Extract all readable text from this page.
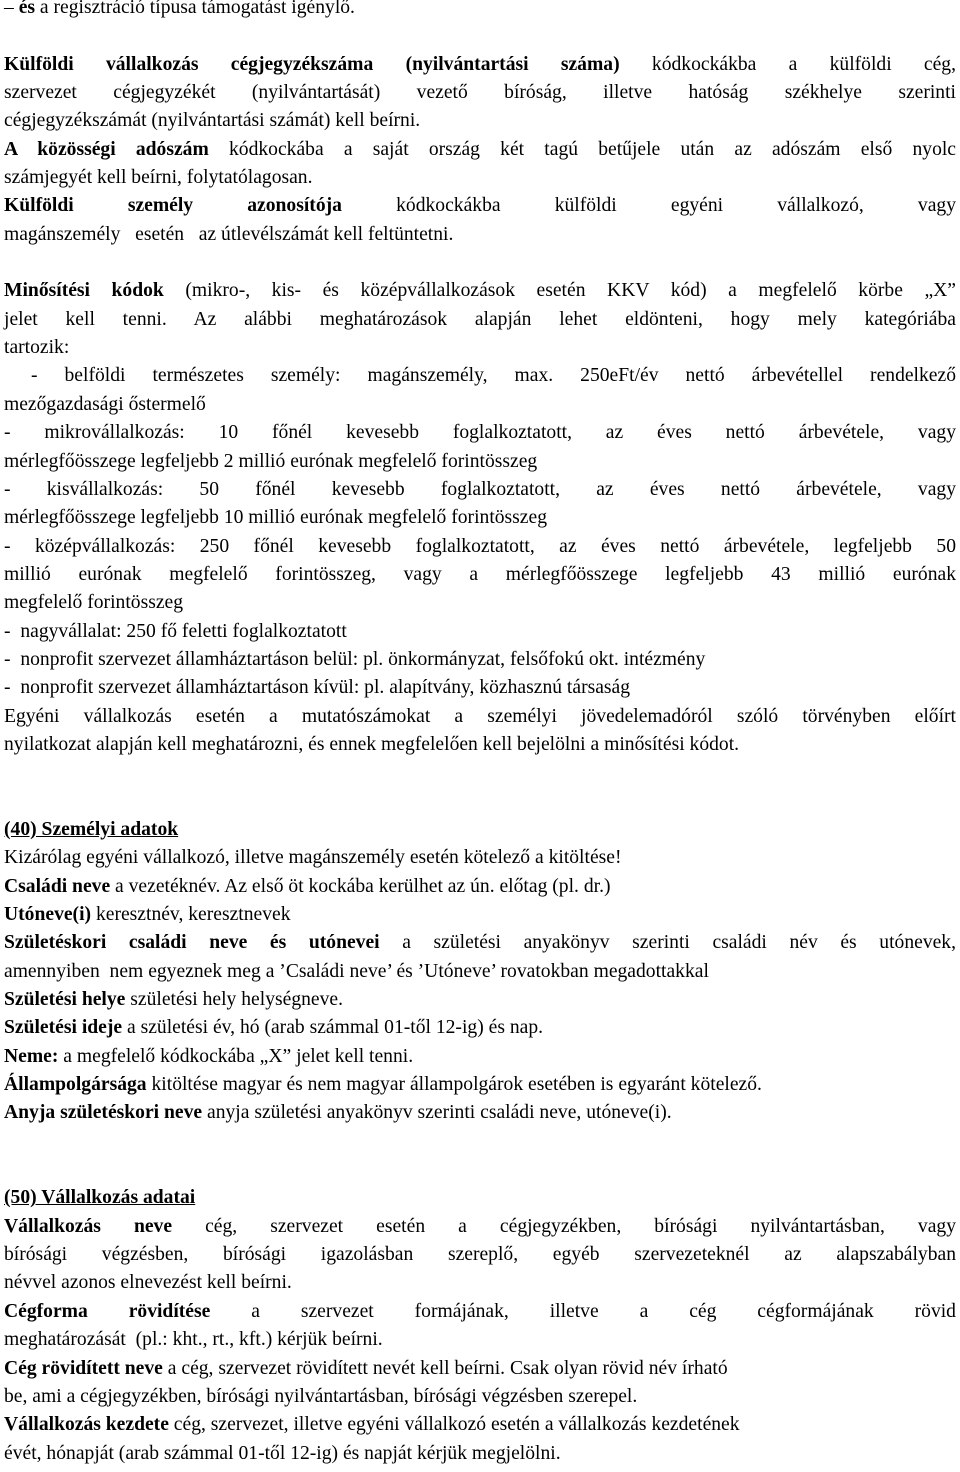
– és a regisztráció típusa támogatást igénylő.
Külföldi vállalkozás cégjegyzékszáma (nyilvántartási száma) kódkockákba a külföldi cég,
szervezet cégjegyzékét (nyilvántartását) vezető bíróság, illetve hatóság székhelye szerinti
cégjegyzékszámát (nyilvántartási számát) kell beírni.
A közösségi adószám kódkockába a saját ország két tagú betűjele után az adószám első nyolc
számjegyét kell beírni, folytatólagosan.
Külföldi személy azonosítója kódkockákba külföldi egyéni vállalkozó, vagy
magánszemély   esetén   az útlevélszámát kell feltüntetni.
Minősítési kódok (mikro-, kis- és középvállalkozások esetén KKV kód) a megfelelő körbe „X”
jelet kell tenni. Az alábbi meghatározások alapján lehet eldönteni, hogy mely kategóriába
tartozik:
- belföldi természetes személy: magánszemély, max. 250eFt/év nettó árbevétellel rendelkező
mezőgazdasági őstermelő
- mikrovállalkozás: 10 főnél kevesebb foglalkoztatott, az éves nettó árbevétele, vagy
mérlegfőösszege legfeljebb 2 millió eurónak megfelelő forintösszeg
- kisvállalkozás: 50 főnél kevesebb foglalkoztatott, az éves nettó árbevétele, vagy
mérlegfőösszege legfeljebb 10 millió eurónak megfelelő forintösszeg
- középvállalkozás: 250 főnél kevesebb foglalkoztatott, az éves nettó árbevétele, legfeljebb 50
millió eurónak megfelelő forintösszeg, vagy a mérlegfőösszege legfeljebb 43 millió eurónak
megfelelő forintösszeg
-  nagyvállalat: 250 fő feletti foglalkoztatott
-  nonprofit szervezet államháztartáson belül: pl. önkormányzat, felsőfokú okt. intézmény
-  nonprofit szervezet államháztartáson kívül: pl. alapítvány, közhasznú társaság
Egyéni vállalkozás esetén a mutatószámokat a személyi jövedelemadóról szóló törvényben előírt
nyilatkozat alapján kell meghatározni, és ennek megfelelően kell bejelölni a minősítési kódot.
(40) Személyi adatok
Kizárólag egyéni vállalkozó, illetve magánszemély esetén kötelező a kitöltése!
Családi neve a vezetéknév. Az első öt kockába kerülhet az ún. előtag (pl. dr.)
Utóneve(i) keresztnév, keresztnevek
Születéskori családi neve és utónevei a születési anyakönyv szerinti családi név és utónevek,
amennyiben  nem egyeznek meg a ’Családi neve’ és ’Utóneve’ rovatokban megadottakkal
Születési helye születési hely helységneve.
Születési ideje a születési év, hó (arab számmal 01-től 12-ig) és nap.
Neme: a megfelelő kódkockába „X” jelet kell tenni.
Állampolgársága kitöltése magyar és nem magyar állampolgárok esetében is egyaránt kötelező.
Anyja születéskori neve anyja születési anyakönyv szerinti családi neve, utóneve(i).
(50) Vállalkozás adatai
Vállalkozás neve cég, szervezet esetén a cégjegyzékben, bírósági nyilvántartásban, vagy
bírósági végzésben, bírósági igazolásban szereplő, egyéb szervezeteknél az alapszabályban
névvel azonos elnevezést kell beírni.
Cégforma rövidítése a szervezet formájának, illetve a cég cégformájának rövid
meghatározását  (pl.: kht., rt., kft.) kérjük beírni.
Cég rövidített neve a cég, szervezet rövidített nevét kell beírni. Csak olyan rövid név írható
be, ami a cégjegyzékben, bírósági nyilvántartásban, bírósági végzésben szerepel.
Vállalkozás kezdete cég, szervezet, illetve egyéni vállalkozó esetén a vállalkozás kezdetének
évét, hónapját (arab számmal 01-től 12-ig) és napját kérjük megjelölni.
